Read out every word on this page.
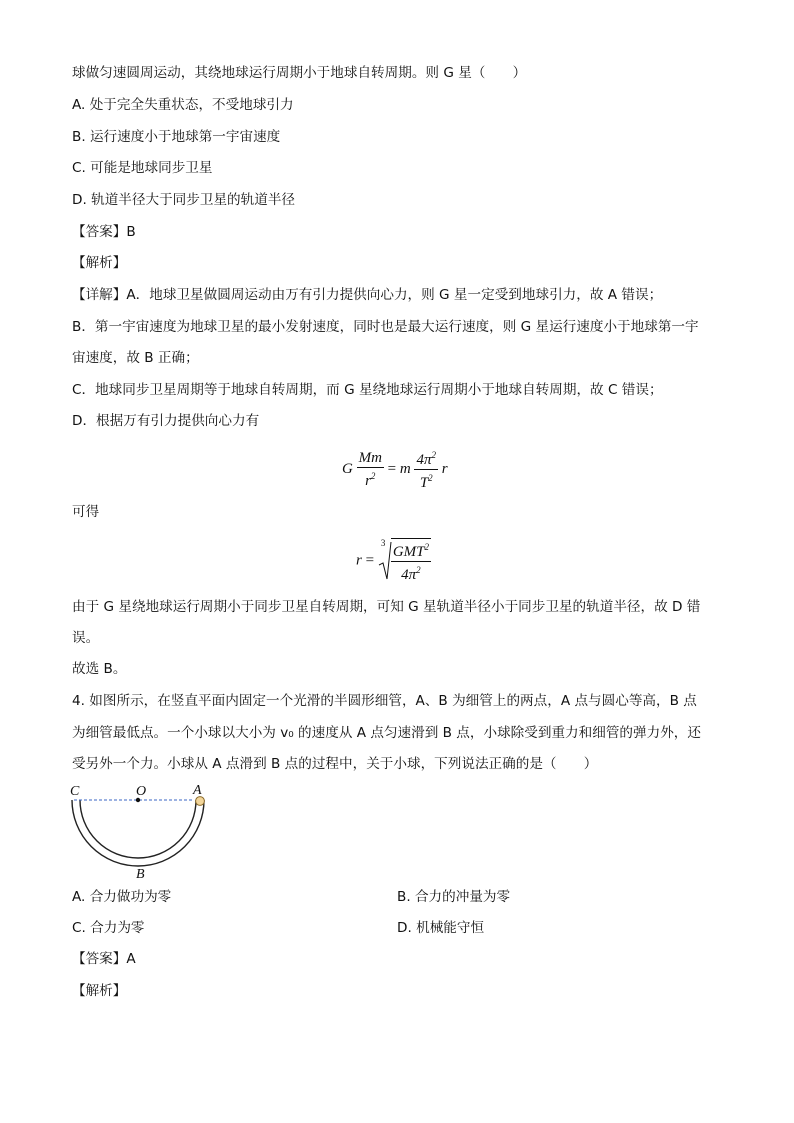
球做匀速圆周运动，其绕地球运行周期小于地球自转周期。则 G 星（　　）
A. 处于完全失重状态，不受地球引力
B. 运行速度小于地球第一宇宙速度
C. 可能是地球同步卫星
D. 轨道半径大于同步卫星的轨道半径
【答案】B
【解析】
【详解】A．地球卫星做圆周运动由万有引力提供向心力，则 G 星一定受到地球引力，故 A 错误；
B．第一宇宙速度为地球卫星的最小发射速度，同时也是最大运行速度，则 G 星运行速度小于地球第一宇
宙速度，故 B 正确；
C．地球同步卫星周期等于地球自转周期，而 G 星绕地球运行周期小于地球自转周期，故 C 错误；
D．根据万有引力提供向心力有
G $\frac{Mm}{r^2} = m \frac{4\pi^2}{T^2}$ r
可得
r =
$3 \frac{GMT^2}{4\pi^2}$
由于 G 星绕地球运行周期小于同步卫星自转周期，可知 G 星轨道半径小于同步卫星的轨道半径，故 D 错
误。
故选 B。
4. 如图所示，在竖直平面内固定一个光滑的半圆形细管，A、B 为细管上的两点，A 点与圆心等高，B 点
为细管最低点。一个小球以大小为 v₀ 的速度从 A 点匀速滑到 B 点，小球除受到重力和细管的弹力外，还
受另外一个力。小球从 A 点滑到 B 点的过程中，关于小球，下列说法正确的是（　　）
C	O	A
B
A. 合力做功为零	B. 合力的冲量为零
C. 合力为零	D. 机械能守恒
【答案】A
【解析】
